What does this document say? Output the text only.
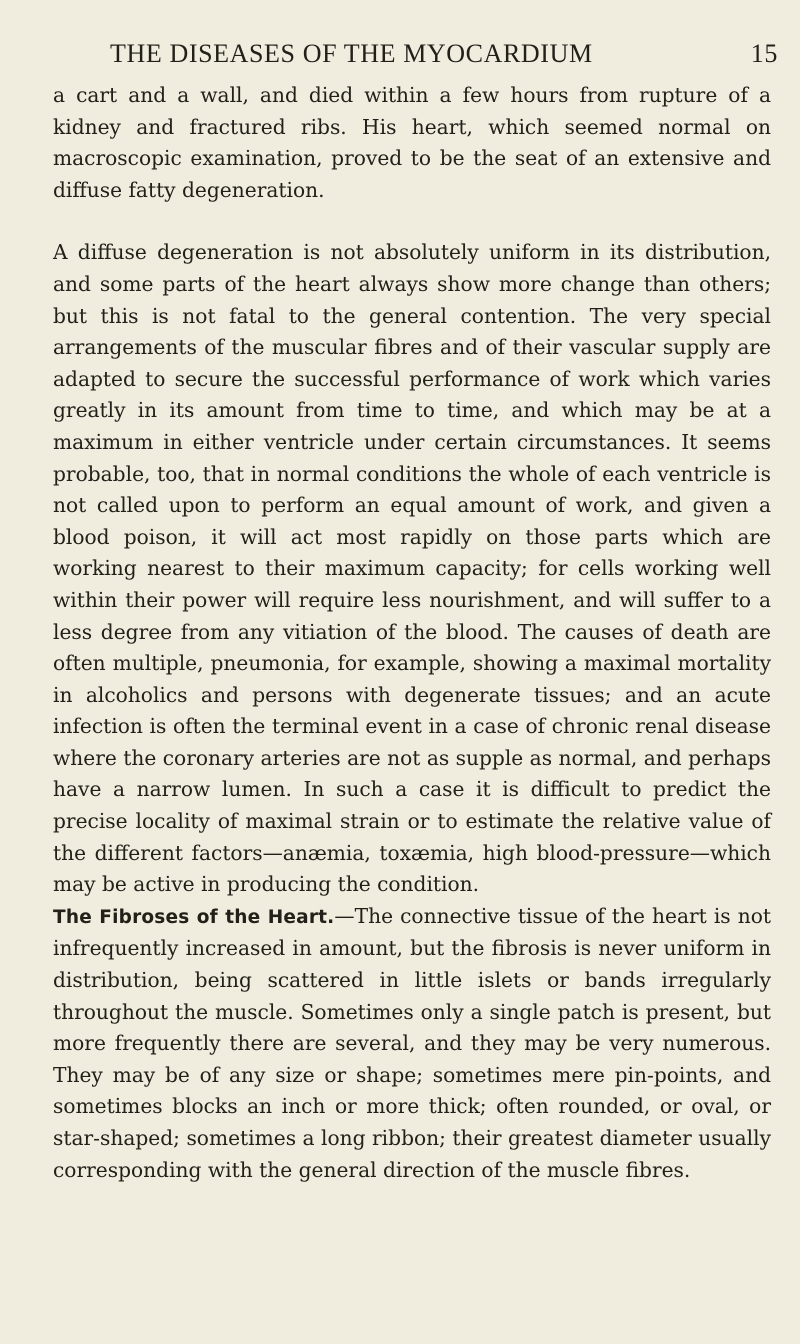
THE DISEASES OF THE MYOCARDIUM	15

a cart and a wall, and died within a few hours from rupture of a kidney and fractured ribs. His heart, which seemed normal on macroscopic examination, proved to be the seat of an extensive and diffuse fatty degeneration.

A diffuse degeneration is not absolutely uniform in its distribution, and some parts of the heart always show more change than others; but this is not fatal to the general contention. The very special arrangements of the muscular fibres and of their vascular supply are adapted to secure the successful performance of work which varies greatly in its amount from time to time, and which may be at a maximum in either ventricle under certain circumstances. It seems probable, too, that in normal conditions the whole of each ventricle is not called upon to perform an equal amount of work, and given a blood poison, it will act most rapidly on those parts which are working nearest to their maximum capacity; for cells working well within their power will require less nourishment, and will suffer to a less degree from any vitiation of the blood. The causes of death are often multiple, pneumonia, for example, showing a maximal mortality in alcoholics and persons with degenerate tissues; and an acute infection is often the terminal event in a case of chronic renal disease where the coronary arteries are not as supple as normal, and perhaps have a narrow lumen. In such a case it is difficult to predict the precise locality of maximal strain or to estimate the relative value of the different factors—anæmia, toxæmia, high blood-pressure—which may be active in producing the condition.

The Fibroses of the Heart.—The connective tissue of the heart is not infrequently increased in amount, but the fibrosis is never uniform in distribution, being scattered in little islets or bands irregularly throughout the muscle. Sometimes only a single patch is present, but more frequently there are several, and they may be very numerous. They may be of any size or shape; sometimes mere pin-points, and sometimes blocks an inch or more thick; often rounded, or oval, or star-shaped; sometimes a long ribbon; their greatest diameter usually corresponding with the general direction of the muscle fibres.
